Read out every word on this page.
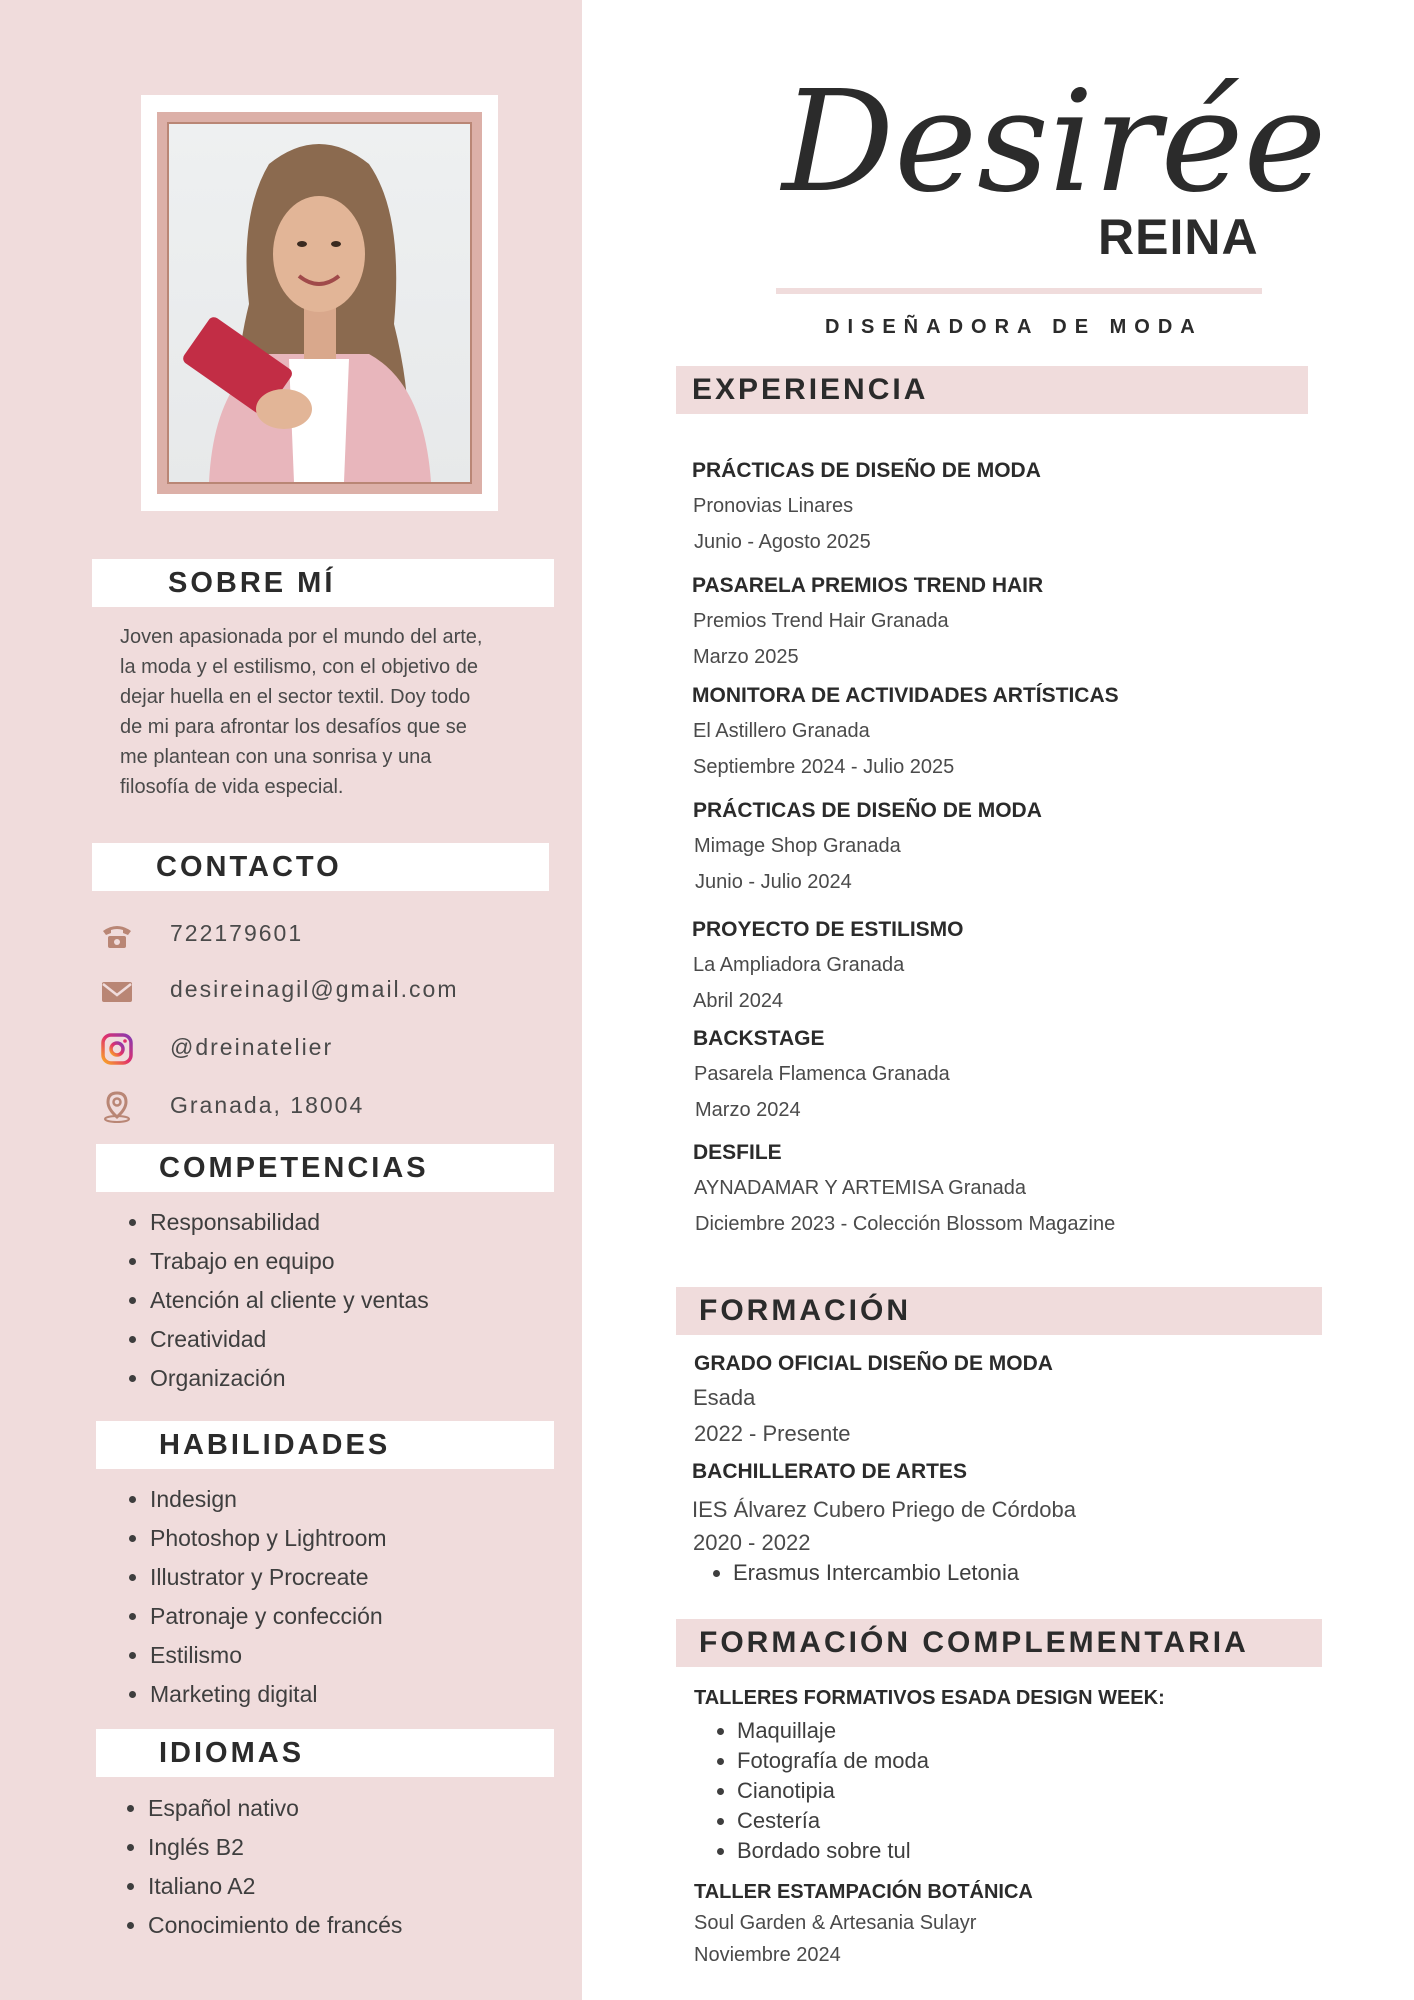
SOBRE MÍ
Joven apasionada por el mundo del arte,
la moda y el estilismo, con el objetivo de
dejar huella en el sector textil. Doy todo
de mi para afrontar los desafíos que se
me plantean con una sonrisa y una
filosofía de vida especial.
CONTACTO
722179601
desireinagil@gmail.com
@dreinatelier
Granada, 18004
COMPETENCIAS
• Responsabilidad
• Trabajo en equipo
• Atención al cliente y ventas
• Creatividad
• Organización
HABILIDADES
• Indesign
• Photoshop y Lightroom
• Illustrator y Procreate
• Patronaje y confección
• Estilismo
• Marketing digital
IDIOMAS
• Español nativo
• Inglés B2
• Italiano A2
• Conocimiento de francés
Desirée
REINA
DISEÑADORA DE MODA
EXPERIENCIA
PRÁCTICAS DE DISEÑO DE MODA
Pronovias Linares
Junio - Agosto 2025
PASARELA PREMIOS TREND HAIR
Premios Trend Hair Granada
Marzo 2025
MONITORA DE ACTIVIDADES ARTÍSTICAS
El Astillero Granada
Septiembre 2024 - Julio 2025
PRÁCTICAS DE DISEÑO DE MODA
Mimage Shop Granada
Junio - Julio 2024
PROYECTO DE ESTILISMO
La Ampliadora Granada
Abril 2024
BACKSTAGE
Pasarela Flamenca Granada
Marzo 2024
DESFILE
AYNADAMAR Y ARTEMISA Granada
Diciembre 2023 - Colección Blossom Magazine
FORMACIÓN
GRADO OFICIAL DISEÑO DE MODA
Esada
2022 - Presente
BACHILLERATO DE ARTES
IES Álvarez Cubero Priego de Córdoba
2020 - 2022
• Erasmus Intercambio Letonia
FORMACIÓN COMPLEMENTARIA
TALLERES FORMATIVOS ESADA DESIGN WEEK:
• Maquillaje
• Fotografía de moda
• Cianotipia
• Cestería
• Bordado sobre tul
TALLER ESTAMPACIÓN BOTÁNICA
Soul Garden & Artesania Sulayr
Noviembre 2024
